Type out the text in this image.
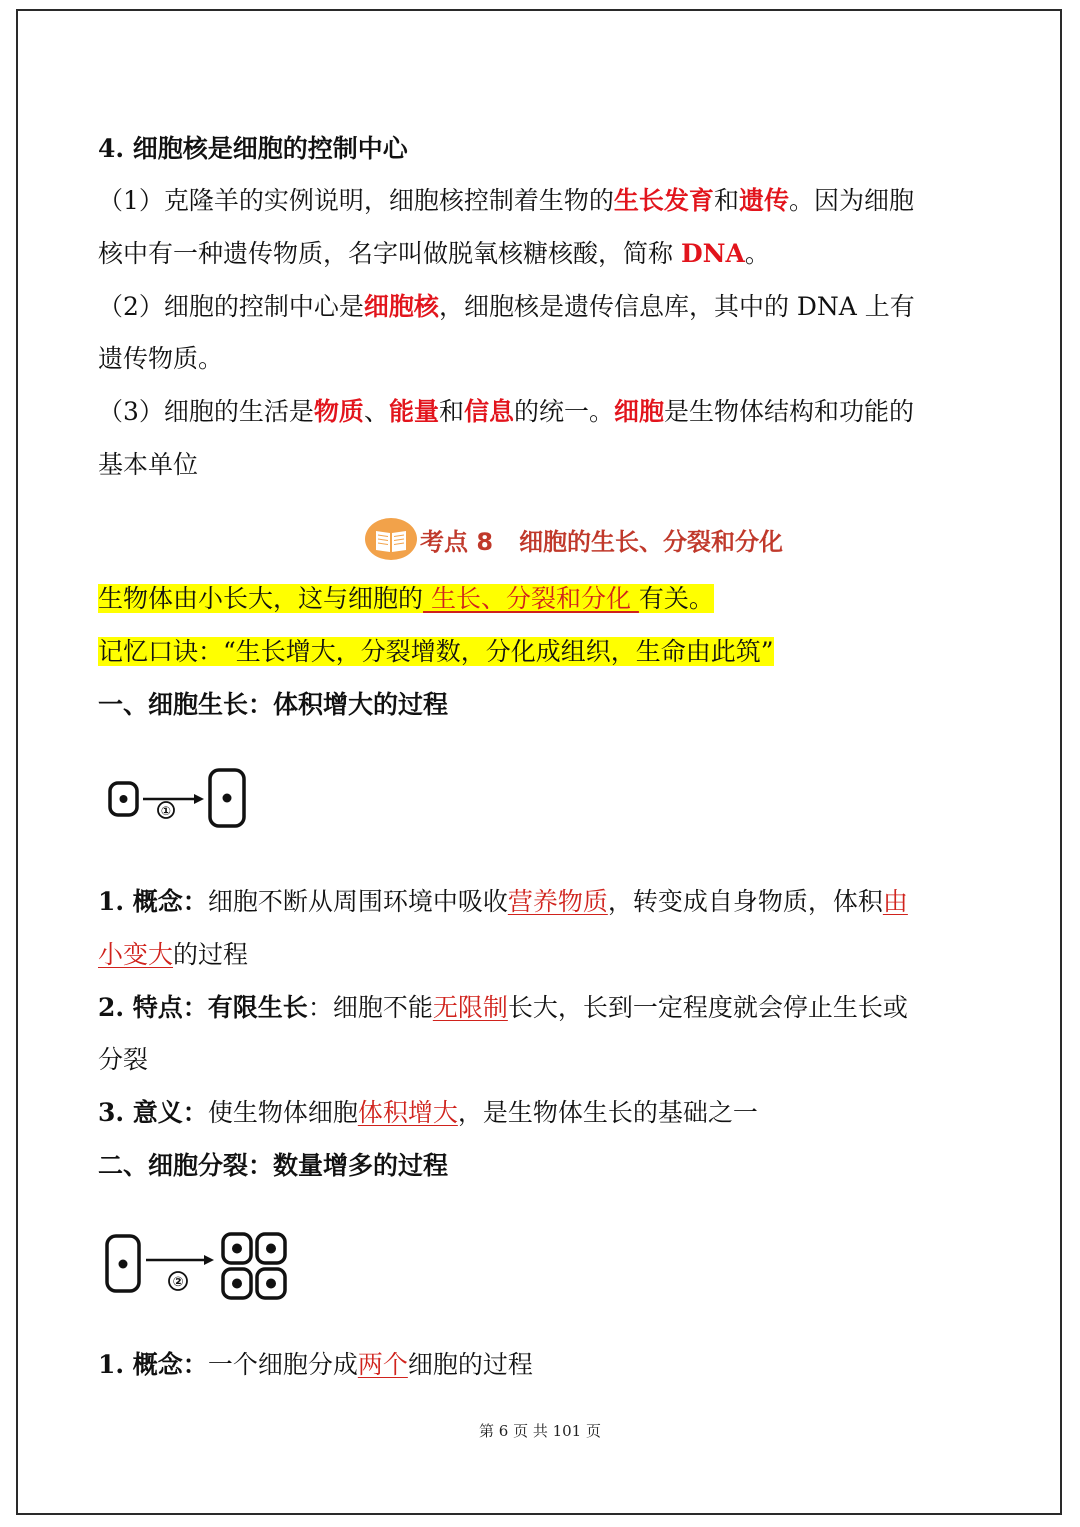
4. 细胞核是细胞的控制中心
（1）克隆羊的实例说明，细胞核控制着生物的生长发育和遗传。因为细胞
核中有一种遗传物质，名字叫做脱氧核糖核酸，简称 DNA。
（2）细胞的控制中心是细胞核，细胞核是遗传信息库，其中的 DNA 上有
遗传物质。
（3）细胞的生活是物质、能量和信息的统一。细胞是生物体结构和功能的
基本单位
考点 8 细胞的生长、分裂和分化
生物体由小长大，这与细胞的 生长、分裂和分化 有关。
记忆口诀：“生长增大，分裂增数，分化成组织，生命由此筑”
一、细胞生长：体积增大的过程
①
1. 概念：细胞不断从周围环境中吸收营养物质，转变成自身物质，体积由
小变大的过程
2. 特点：有限生长：细胞不能无限制长大，长到一定程度就会停止生长或
分裂
3. 意义：使生物体细胞体积增大，是生物体生长的基础之一
二、细胞分裂：数量增多的过程
②
1. 概念：一个细胞分成两个细胞的过程
第 6 页 共 101 页
